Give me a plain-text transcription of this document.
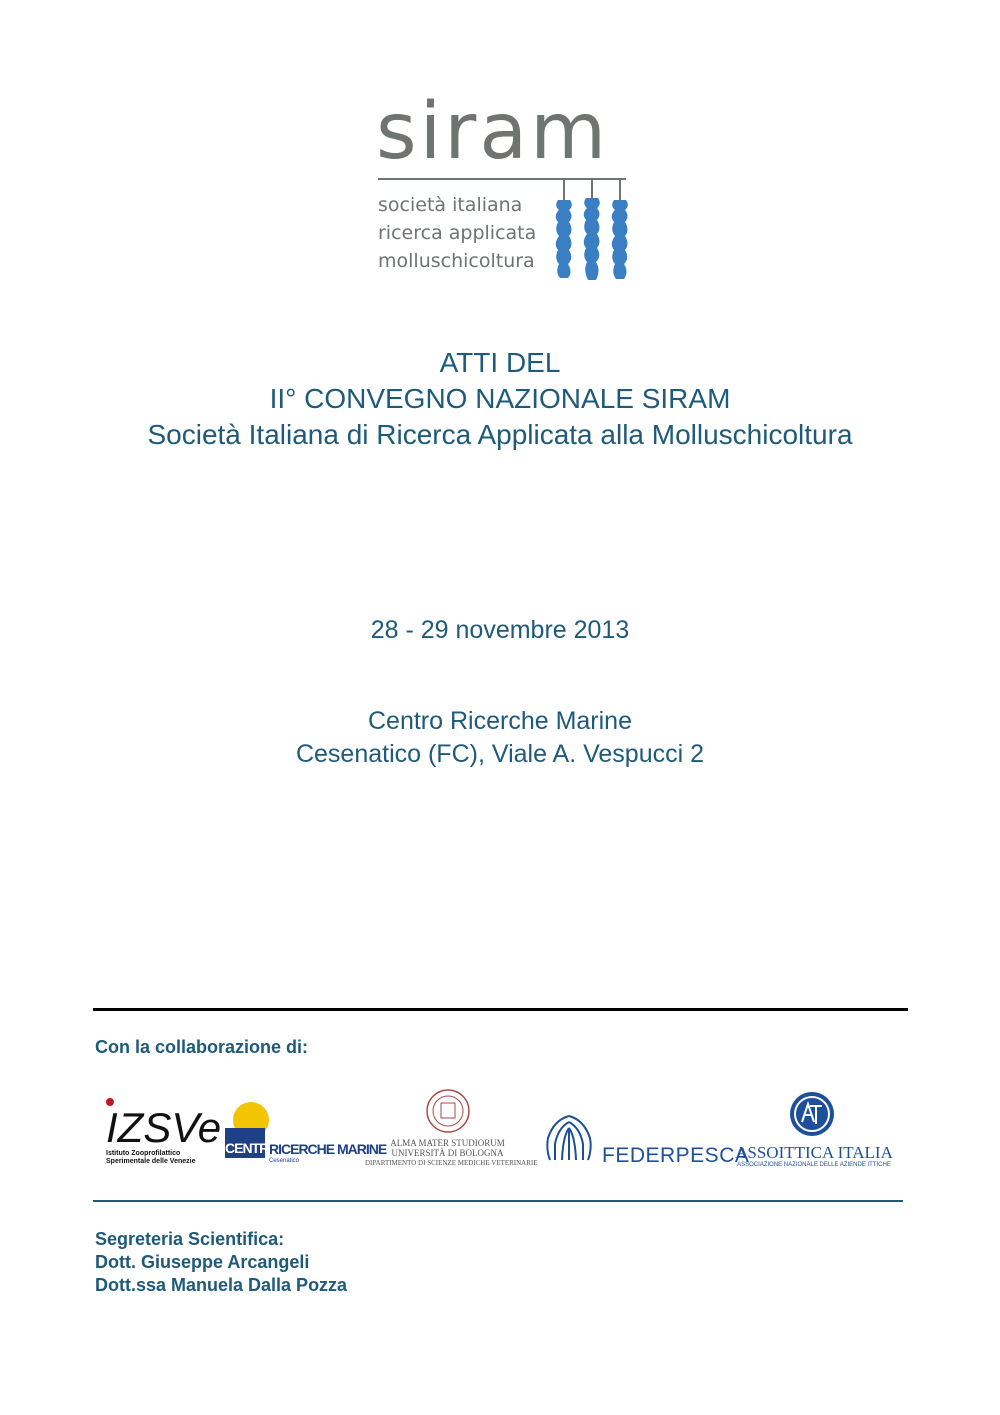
siram
società italiana
ricerca applicata
molluschicoltura
ATTI DEL
II° CONVEGNO NAZIONALE SIRAM
Società Italiana di Ricerca Applicata alla Molluschicoltura
28 - 29 novembre 2013
Centro Ricerche Marine
Cesenatico (FC), Viale A. Vespucci 2
Con la collaborazione di:
IZSVe
Istituto Zooprofilattico
Sperimentale delle Venezie
CENTRO
RICERCHE MARINE
Cesenatico
ALMA MATER STUDIORUM
UNIVERSITÀ DI BOLOGNA
DIPARTIMENTO DI SCIENZE MEDICHE VETERINARIE	FEDERPESCA
ASSOITTICA ITALIA
ASSOCIAZIONE NAZIONALE DELLE AZIENDE ITTICHE
Segreteria Scientifica:
Dott. Giuseppe Arcangeli
Dott.ssa Manuela Dalla Pozza
